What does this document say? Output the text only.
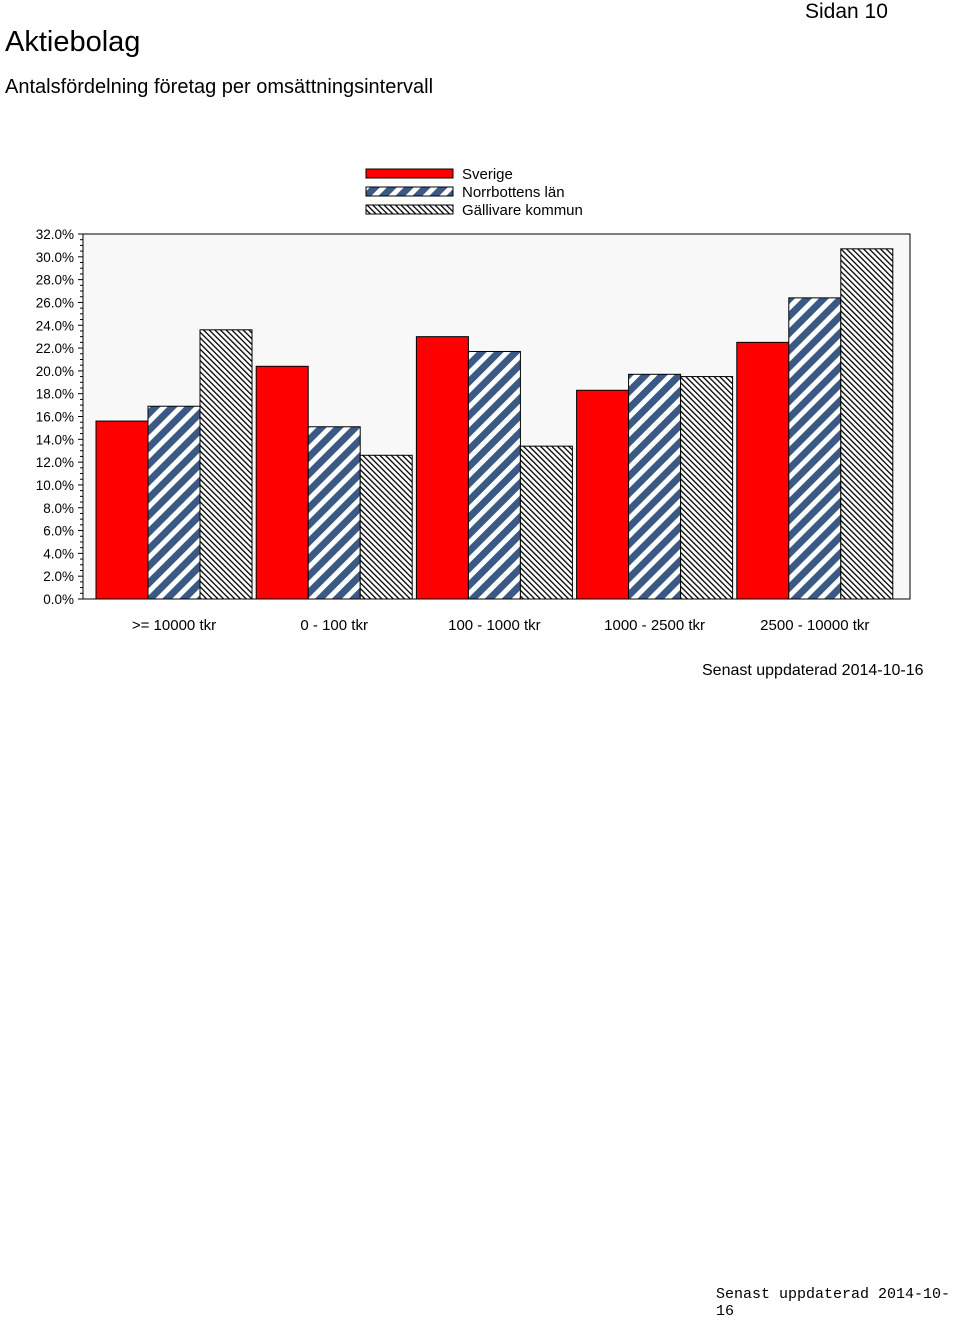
Sidan 10
Aktiebolag
Antalsfördelning företag per omsättningsintervall
Sverige
Norrbottens län
Gällivare kommun
0.0%
2.0%
4.0%
6.0%
8.0%
10.0%
12.0%
14.0%
16.0%
18.0%
20.0%
22.0%
24.0%
26.0%
28.0%
30.0%
32.0%
>= 10000 tkr	0 - 100 tkr	100 - 1000 tkr	1000 - 2500 tkr	2500 - 10000 tkr
Senast uppdaterad 2014-10-16
Senast uppdaterad 2014-10-16
